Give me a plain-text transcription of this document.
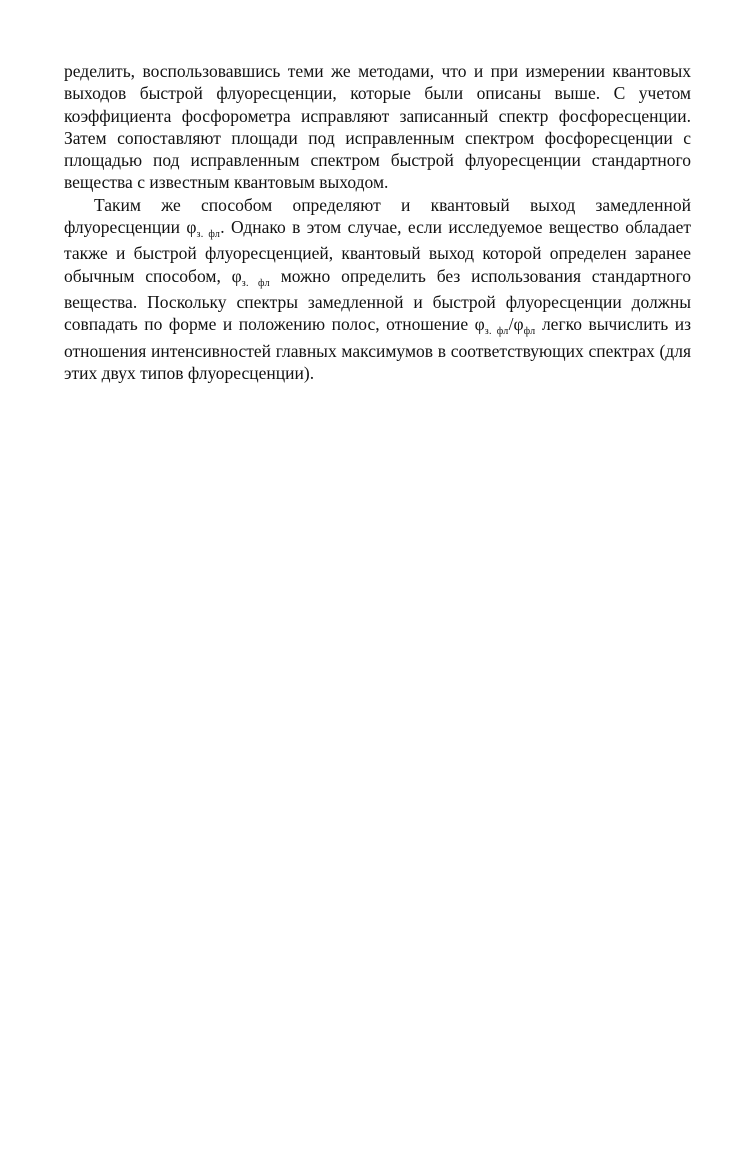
ределить, воспользовавшись теми же методами, что и при измерении квантовых выходов быстрой флуоресценции, которые были описаны выше. С учетом коэффициента фосфорометра исправляют записанный спектр фосфоресценции. Затем сопоставляют площади под исправленным спектром фосфоресценции с площадью под исправленным спектром быстрой флуоресценции стандартного вещества с известным квантовым выходом.

Таким же способом определяют и квантовый выход замедленной флуоресценции $\varphi_{з. фл}$. Однако в этом случае, если исследуемое вещество обладает также и быстрой флуоресценцией, квантовый выход которой определен заранее обычным способом, $\varphi_{з. фл}$ можно определить без использования стандартного вещества. Поскольку спектры замедленной и быстрой флуоресценции должны совпадать по форме и положению полос, отношение $\varphi_{з. фл}/\varphi_{фл}$ легко вычислить из отношения интенсивностей главных максимумов в соответствующих спектрах (для этих двух типов флуоресценции).
